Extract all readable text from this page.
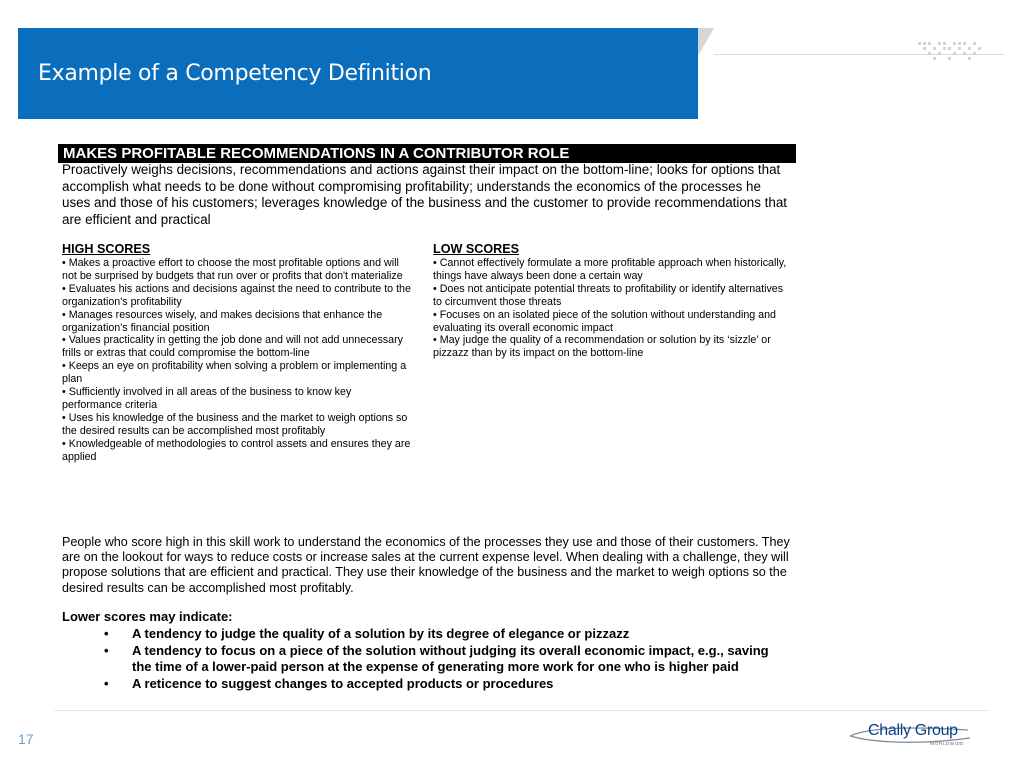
Example of a Competency Definition
MAKES PROFITABLE RECOMMENDATIONS IN A CONTRIBUTOR ROLE

Proactively weighs decisions, recommendations and actions against their impact on the bottom-line; looks for options that accomplish what needs to be done without compromising profitability; understands the economics of the processes he uses and those of his customers; leverages knowledge of the business and the customer to provide recommendations that are efficient and practical

HIGH SCORES

• Makes a proactive effort to choose the most profitable options and will not be surprised by budgets that run over or profits that don't materialize

• Evaluates his actions and decisions against the need to contribute to the organization's profitability

• Manages resources wisely, and makes decisions that enhance the organization's financial position

• Values practicality in getting the job done and will not add unnecessary frills or extras that could compromise the bottom-line

• Keeps an eye on profitability when solving a problem or implementing a plan

• Sufficiently involved in all areas of the business to know key performance criteria

• Uses his knowledge of the business and the market to weigh options so the desired results can be accomplished most profitably

• Knowledgeable of methodologies to control assets and ensures they are applied

LOW SCORES

• Cannot effectively formulate a more profitable approach when historically, things have always been done a certain way

• Does not anticipate potential threats to profitability or identify alternatives to circumvent those threats

• Focuses on an isolated piece of the solution without understanding and evaluating its overall economic impact

• May judge the quality of a recommendation or solution by its ‘sizzle’ or pizzazz than by its impact on the bottom-line

People who score high in this skill work to understand the economics of the processes they use and those of their customers. They are on the lookout for ways to reduce costs or increase sales at the current expense level. When dealing with a challenge, they will propose solutions that are efficient and practical. They use their knowledge of the business and the market to weigh options so the desired results can be accomplished most profitably.

Lower scores may indicate:

• A tendency to judge the quality of a solution by its degree of elegance or pizzazz
• A tendency to focus on a piece of the solution without judging its overall economic impact, e.g., saving the time of a lower-paid person at the expense of generating more work for one who is higher paid
• A reticence to suggest changes to accepted products or procedures
17	Chally Group
WORLDWIDE
